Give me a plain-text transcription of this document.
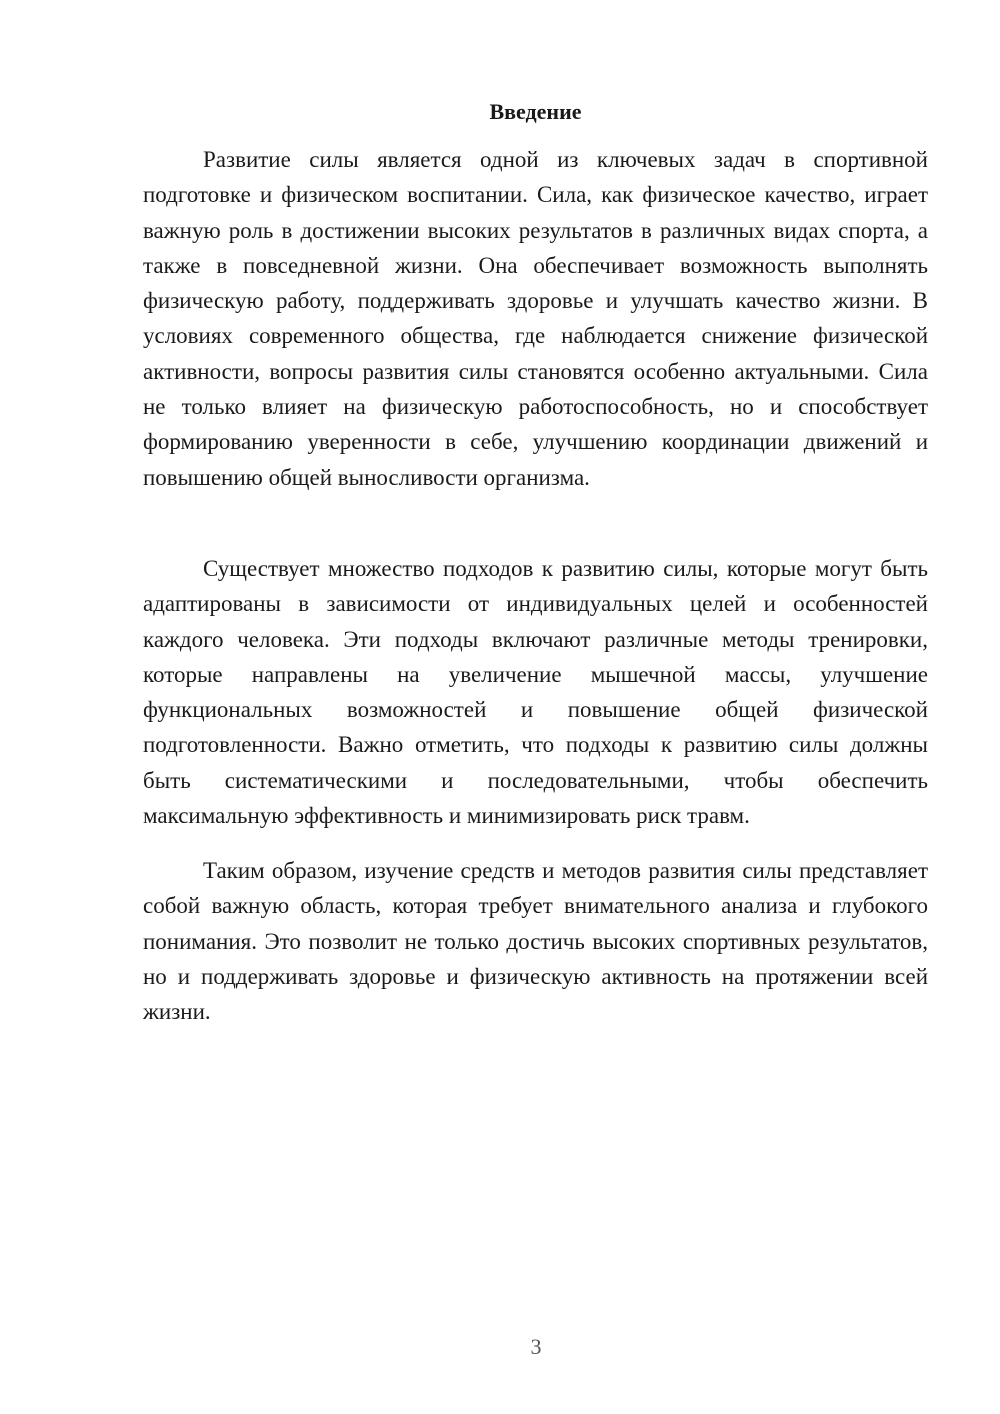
Введение

Развитие силы является одной из ключевых задач в спортивной подготовке и физическом воспитании. Сила, как физическое качество, играет важную роль в достижении высоких результатов в различных видах спорта, а также в повседневной жизни. Она обеспечивает возможность выполнять физическую работу, поддерживать здоровье и улучшать качество жизни. В условиях современного общества, где наблюдается снижение физической активности, вопросы развития силы становятся особенно актуальными. Сила не только влияет на физическую работоспособность, но и способствует формированию уверенности в себе, улучшению координации движений и повышению общей выносливости организма.

Существует множество подходов к развитию силы, которые могут быть адаптированы в зависимости от индивидуальных целей и особенностей каждого человека. Эти подходы включают различные методы тренировки, которые направлены на увеличение мышечной массы, улучшение функциональных возможностей и повышение общей физической подготовленности. Важно отметить, что подходы к развитию силы должны быть систематическими и последовательными, чтобы обеспечить максимальную эффективность и минимизировать риск травм.

Таким образом, изучение средств и методов развития силы представляет собой важную область, которая требует внимательного анализа и глубокого понимания. Это позволит не только достичь высоких спортивных результатов, но и поддерживать здоровье и физическую активность на протяжении всей жизни.

3
